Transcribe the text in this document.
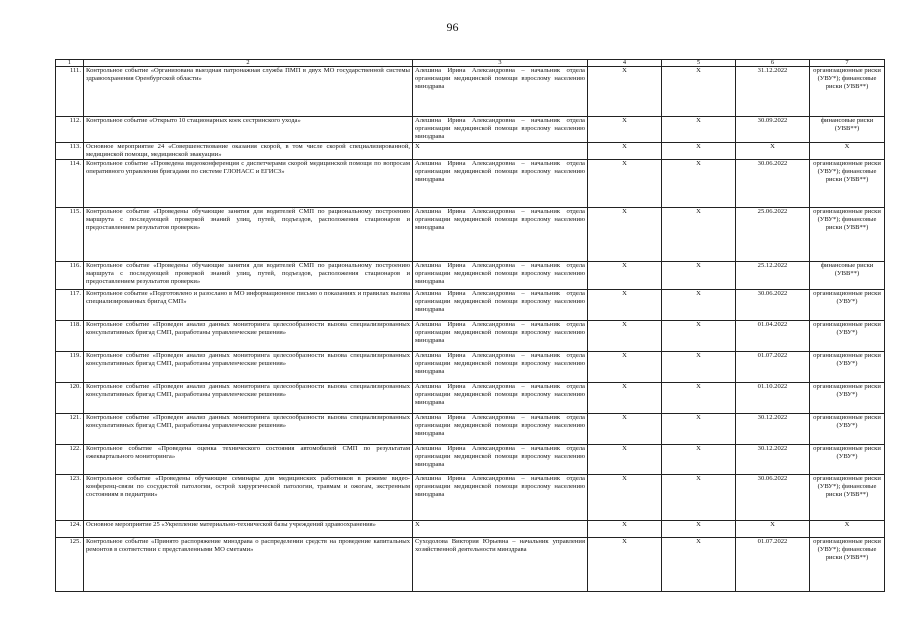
96
1	2	3	4	5	6	7
111.	Контрольное событие «Организована выездная патронажная служба ПМП в двух МО государственной системы здравоохранения Оренбургской области»	Алешина Ирина Александровна – начальник отдела организации медицинской помощи взрослому населению минздрава	Х	Х	31.12.2022	организационные риски (УВУ*); финансовые риски (УВВ**)
112.	Контрольное событие «Открыто 10 стационарных коек сестринского ухода»	Алешина Ирина Александровна – начальник отдела организации медицинской помощи взрослому населению минздрава	Х	Х	30.09.2022	финансовые риски (УВВ**)
113.	Основное мероприятие 24 «Совершенствование оказания скорой, в том числе скорой специализированной, медицинской помощи, медицинской эвакуации»	Х	Х	Х	Х	Х
114.	Контрольное событие «Проведена видеоконференция с диспетчерами скорой медицинской помощи по вопросам оперативного управления бригадами по системе ГЛОНАСС и ЕГИСЗ»	Алешина Ирина Александровна – начальник отдела организации медицинской помощи взрослому населению минздрава	Х	Х	30.06.2022	организационные риски (УВУ*); финансовые риски (УВВ**)
115.	Контрольное событие «Проведены обучающие занятия для водителей СМП по рациональному построению маршрута с последующей проверкой знаний улиц, путей, подъездов, расположения стационаров и предоставлением результатов проверки»	Алешина Ирина Александровна – начальник отдела организации медицинской помощи взрослому населению минздрава	Х	Х	25.06.2022	организационные риски (УВУ*); финансовые риски (УВВ**)
116.	Контрольное событие «Проведены обучающие занятия для водителей СМП по рациональному построению маршрута с последующей проверкой знаний улиц, путей, подъездов, расположения стационаров и предоставлением результатов проверки»	Алешина Ирина Александровна – начальник отдела организации медицинской помощи взрослому населению минздрава	Х	Х	25.12.2022	финансовые риски (УВВ**)
117.	Контрольное событие «Подготовлено и разослано в МО информационное письмо о показаниях и правилах вызова специализированных бригад СМП»	Алешина Ирина Александровна – начальник отдела организации медицинской помощи взрослому населению минздрава	Х	Х	30.06.2022	организационные риски (УВУ*)
118.	Контрольное событие «Проведен анализ данных мониторинга целесообразности вызова специализированных консультативных бригад СМП, разработаны управленческие решения»	Алешина Ирина Александровна – начальник отдела организации медицинской помощи взрослому населению минздрава	Х	Х	01.04.2022	организационные риски (УВУ*)
119.	Контрольное событие «Проведен анализ данных мониторинга целесообразности вызова специализированных консультативных бригад СМП, разработаны управленческие решения»	Алешина Ирина Александровна – начальник отдела организации медицинской помощи взрослому населению минздрава	Х	Х	01.07.2022	организационные риски (УВУ*)
120.	Контрольное событие «Проведен анализ данных мониторинга целесообразности вызова специализированных консультативных бригад СМП, разработаны управленческие решения»	Алешина Ирина Александровна – начальник отдела организации медицинской помощи взрослому населению минздрава	Х	Х	01.10.2022	организационные риски (УВУ*)
121.	Контрольное событие «Проведен анализ данных мониторинга целесообразности вызова специализированных консультативных бригад СМП, разработаны управленческие решения»	Алешина Ирина Александровна – начальник отдела организации медицинской помощи взрослому населению минздрава	Х	Х	30.12.2022	организационные риски (УВУ*)
122.	Контрольное событие «Проведена оценка технического состояния автомобилей СМП по результатам ежеквартального мониторинга»	Алешина Ирина Александровна – начальник отдела организации медицинской помощи взрослому населению минздрава	Х	Х	30.12.2022	организационные риски (УВУ*)
123.	Контрольное событие «Проведены обучающие семинары для медицинских работников в режиме видео-конференц-связи по сосудистой патологии, острой хирургической патологии, травмам и ожогам, экстренным состояниям в педиатрии»	Алешина Ирина Александровна – начальник отдела организации медицинской помощи взрослому населению минздрава	Х	Х	30.06.2022	организационные риски (УВУ*); финансовые риски (УВВ**)
124.	Основное мероприятие 25 «Укрепление материально-технической базы учреждений здравоохранения»	Х	Х	Х	Х	Х
125.	Контрольное событие «Принято распоряжение минздрава о распределении средств на проведение капитальных ремонтов в соответствии с представленными МО сметами»	Суходолова Виктория Юрьевна – начальник управления хозяйственной деятельности минздрава	Х	Х	01.07.2022	организационные риски (УВУ*); финансовые риски (УВВ**)
